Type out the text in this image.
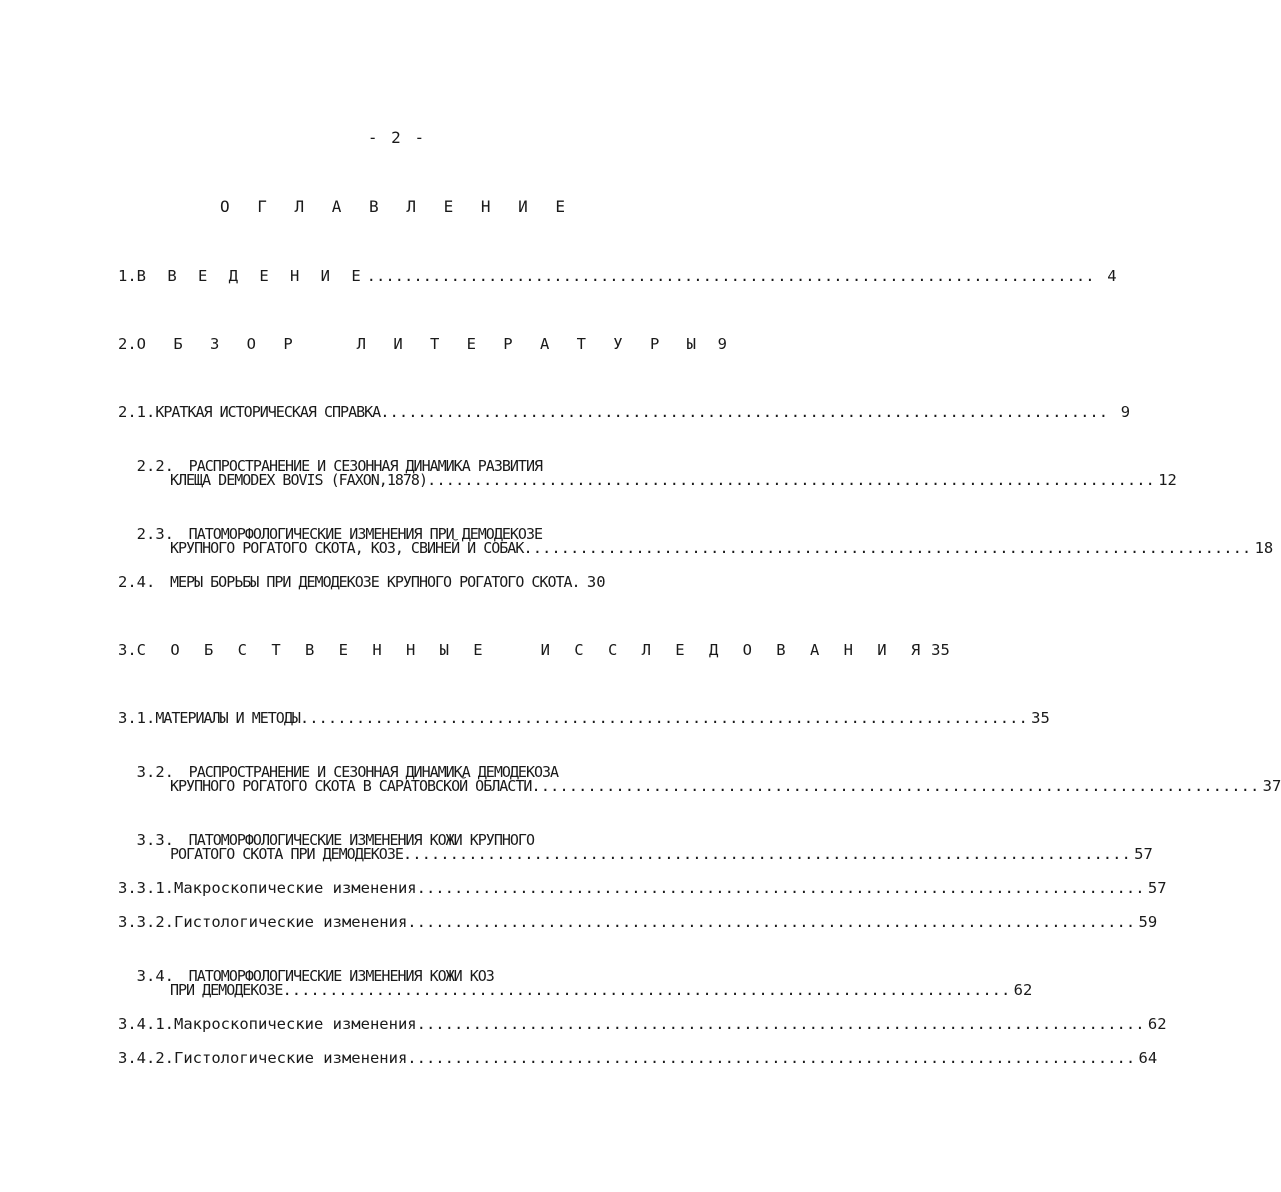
- 2 -
О Г Л А В Л Е Н И Е
1. В В Е Д Е Н И Е .............................................................................. 4
2. О Б З О Р   Л И Т Е Р А Т У Р Ы 9
2.1. КРАТКАЯ ИСТОРИЧЕСКАЯ СПРАВКА .............................................................................. 9

2.2. РАСПРОСТРАНЕНИЕ И СЕЗОННАЯ ДИНАМИКА РАЗВИТИЯ

КЛЕЩА DEMODEX BOVIS (FAXON,1878) .............................................................................. 12

2.3. ПАТОМОРФОЛОГИЧЕСКИЕ ИЗМЕНЕНИЯ ПРИ ДЕМОДЕКОЗЕ

КРУПНОГО РОГАТОГО СКОТА, КОЗ, СВИНЕЙ И СОБАК .............................................................................. 18
2.4. МЕРЫ БОРЬБЫ ПРИ ДЕМОДЕКОЗЕ КРУПНОГО РОГАТОГО СКОТА. 30
3. С О Б С Т В Е Н Н Ы Е   И С С Л Е Д О В А Н И Я 35
3.1. МАТЕРИАЛЫ И МЕТОДЫ .............................................................................. 35

3.2. РАСПРОСТРАНЕНИЕ И СЕЗОННАЯ ДИНАМИКА ДЕМОДЕКОЗА

КРУПНОГО РОГАТОГО СКОТА В САРАТОВСКОЙ ОБЛАСТИ .............................................................................. 37

3.3. ПАТОМОРФОЛОГИЧЕСКИЕ ИЗМЕНЕНИЯ КОЖИ КРУПНОГО

РОГАТОГО СКОТА ПРИ ДЕМОДЕКОЗЕ .............................................................................. 57
3.3.1. Макроскопические изменения .............................................................................. 57
3.3.2. Гистологические изменения .............................................................................. 59

3.4. ПАТОМОРФОЛОГИЧЕСКИЕ ИЗМЕНЕНИЯ КОЖИ КОЗ

ПРИ ДЕМОДЕКОЗЕ .............................................................................. 62
3.4.1. Макроскопические изменения .............................................................................. 62
3.4.2. Гистологические изменения .............................................................................. 64
